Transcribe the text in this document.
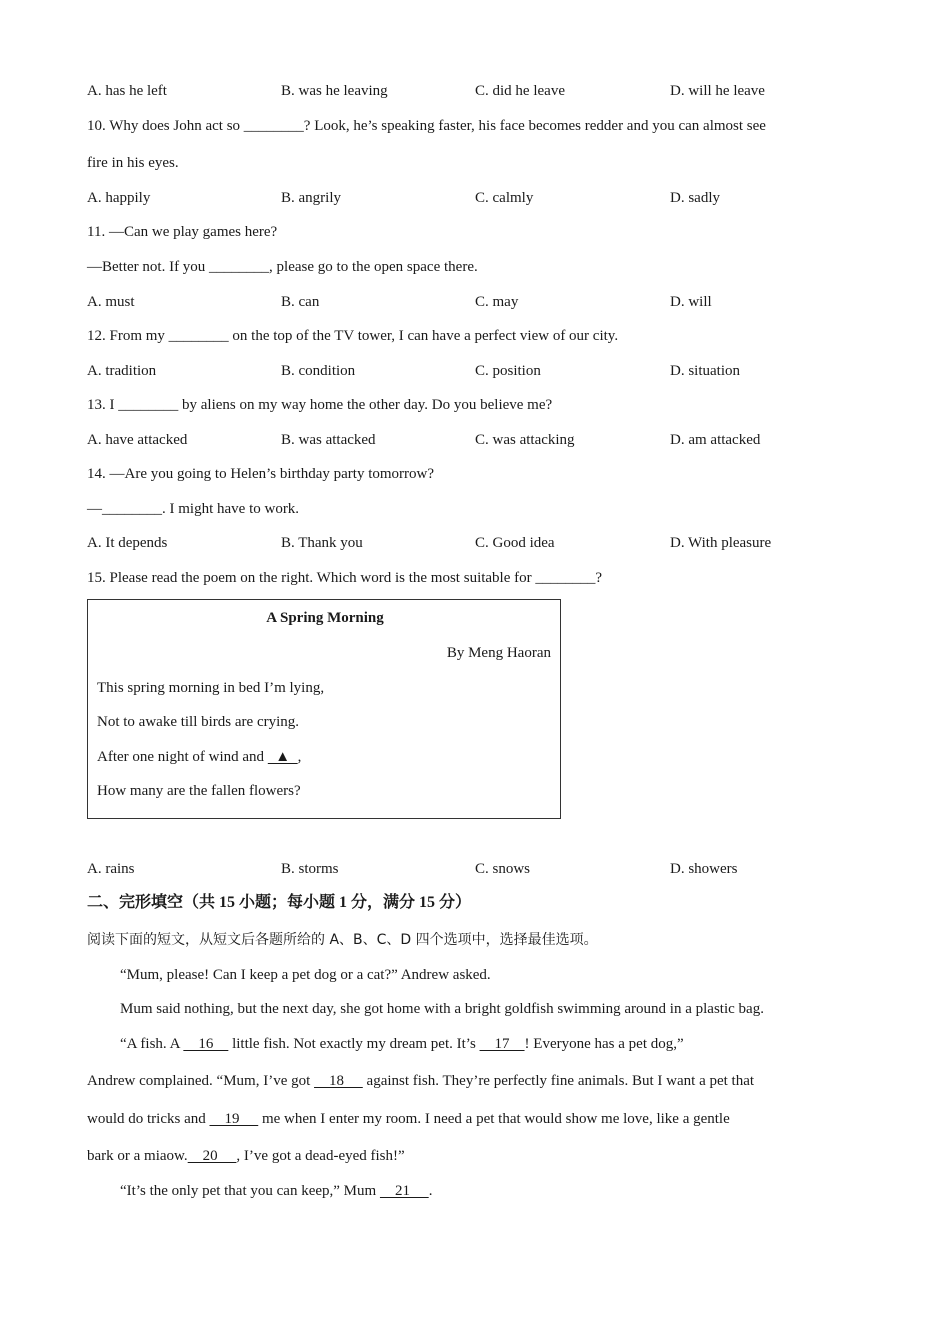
A. has he left	B. was he leaving	C. did he leave	D. will he leave
10. Why does John act so ________? Look, he’s speaking faster, his face becomes redder and you can almost see
fire in his eyes.
A. happily	B. angrily	C. calmly	D. sadly
11. —Can we play games here?
—Better not. If you ________, please go to the open space there.
A. must	B. can	C. may	D. will
12. From my ________ on the top of the TV tower, I can have a perfect view of our city.
A. tradition	B. condition	C. position	D. situation
13. I ________ by aliens on my way home the other day. Do you believe me?
A. have attacked	B. was attacked	C. was attacking	D. am attacked
14. —Are you going to Helen’s birthday party tomorrow?
—________. I might have to work.
A. It depends	B. Thank you	C. Good idea	D. With pleasure
15. Please read the poem on the right. Which word is the most suitable for ________?
A Spring Morning
By Meng Haoran
This spring morning in bed I’m lying,
Not to awake till birds are crying.
After one night of wind and   ▲  ,
How many are the fallen flowers?
A. rains	B. storms	C. snows	D. showers
二、完形填空（共 15 小题；每小题 1 分，满分 15 分）
阅读下面的短文，从短文后各题所给的 A、B、C、D 四个选项中，选择最佳选项。
“Mum, please! Can I keep a pet dog or a cat?” Andrew asked.
Mum said nothing, but the next day, she got home with a bright goldfish swimming around in a plastic bag.
“A fish. A     16     little fish. Not exactly my dream pet. It’s     17    ! Everyone has a pet dog,”
Andrew complained. “Mum, I’ve got     18      against fish. They’re perfectly fine animals. But I want a pet that
would do tricks and     19      me when I enter my room. I need a pet that would show me love, like a gentle
bark or a miaow.    20     , I’ve got a dead-eyed fish!”
“It’s the only pet that you can keep,” Mum     21     .
